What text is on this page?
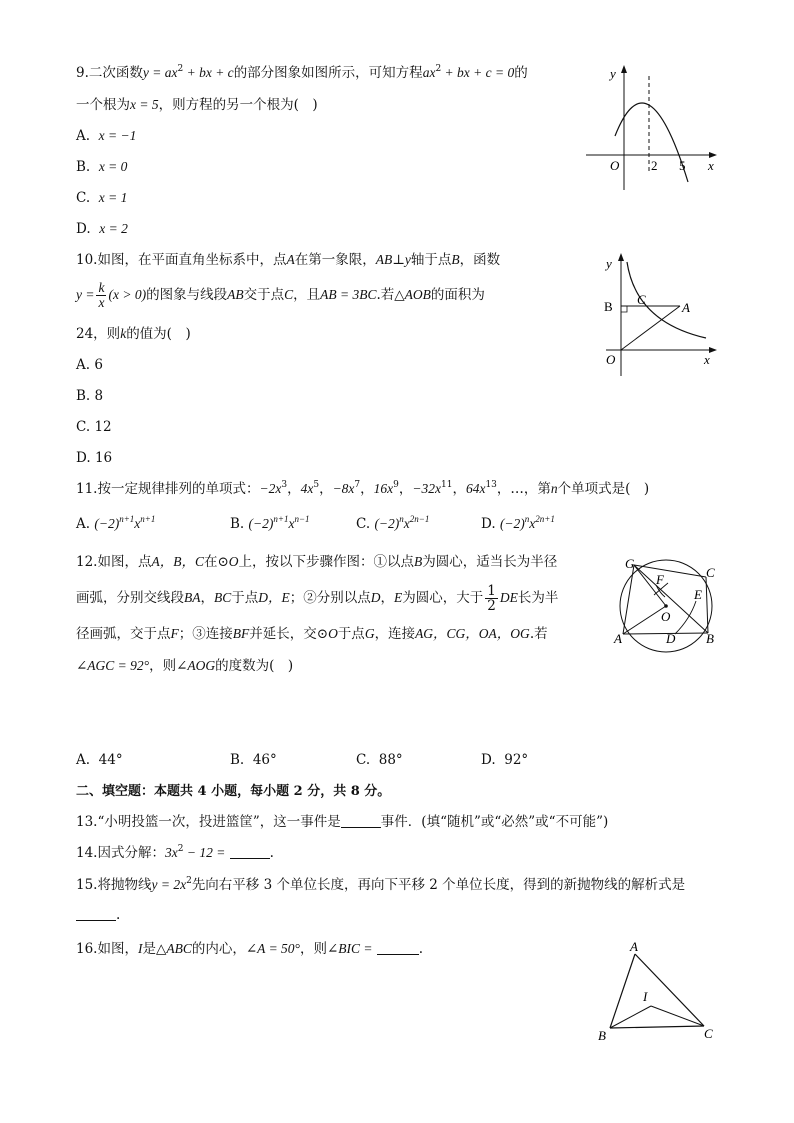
9.二次函数$y = ax^2$ + bx + c的部分图象如图所示，可知方程$ax^2$ + bx + c = 0的
一个根为x = 5，则方程的另一个根为(　)
A. x = −1
B. x = 0
C. x = 1
D. x = 2
y
x
O 2 5
10.如图，在平面直角坐标系中，点A在第一象限，AB⊥y轴于点B，函数
$y = \frac{k}{x} (x > 0)$的图象与线段AB交于点C，且AB = 3BC.若△AOB的面积为
24，则k的值为(　)
A. 6
B. 8
C. 12
D. 16
y
x
O
B C
A
11.按一定规律排列的单项式：$-2x^3$，$4x^5$，$-8x^7$，$16x^9$，$-32x^{11}$，$64x^{13}$，…，第n个单项式是(　)
A. $(-2)^{n+1}x^{n+1}$	B. $(-2)^{n+1}x^{n-1}$	C. $(-2)^nx^{2n-1}$	D. $(-2)^nx^{2n+1}$
12.如图，点A，B，C在⊙O上，按以下步骤作图：①以点B为圆心，适当长为半径
画弧，分别交线段BA，BC于点D，E；②分别以点D，E为圆心，大于 $\frac{1}{2}$ DE长为半
径画弧，交于点F；③连接BF并延长，交⊙O于点G，连接AG，CG，OA，OG.若
∠AGC = 92°，则∠AOG的度数为(　)
A. 44°	B. 46°	C. 88°	D. 92°
G
F	C
E
O
A	D B
二、填空题：本题共 4 小题，每小题 2 分，共 8 分。
13.“小明投篮一次，投进篮筐”，这一事件是	事件．(填“随机”或“必然”或“不可能”)
14.因式分解：$3x^2 - 12$ =	.
15.将抛物线$y = 2x^2$先向右平移 3 个单位长度，再向下平移 2 个单位长度，得到的新抛物线的解析式是
.
16.如图，I是△ABC的内心，∠A = 50°，则∠BIC =	.	A
B	C
I
